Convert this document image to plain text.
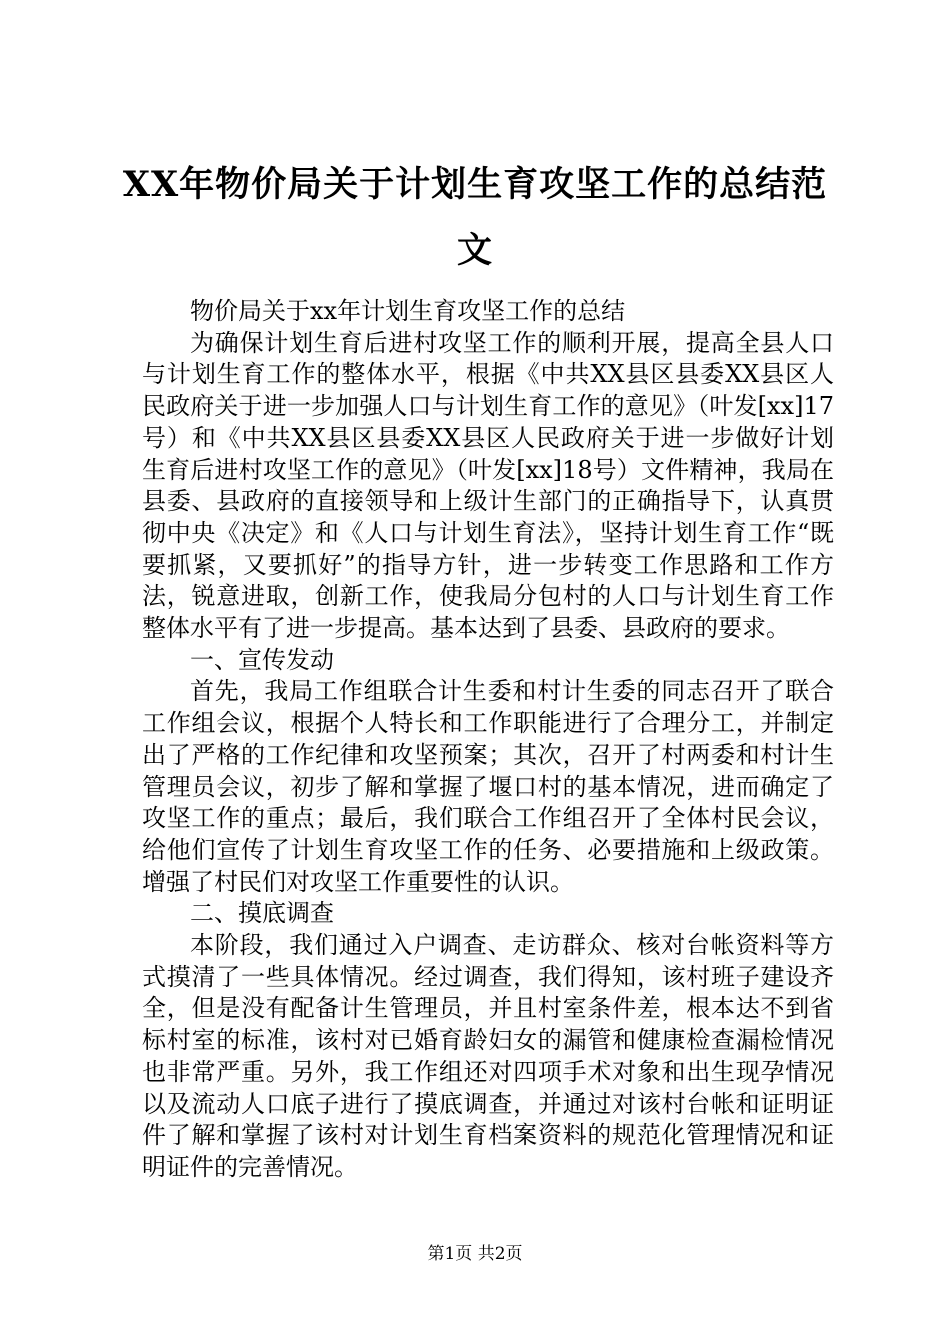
XX年物价局关于计划生育攻坚工作的总结范文

物价局关于xx年计划生育攻坚工作的总结

为确保计划生育后进村攻坚工作的顺利开展，提高全县人口与计划生育工作的整体水平，根据《中共XX县区县委XX县区人民政府关于进一步加强人口与计划生育工作的意见》（叶发[xx]17号）和《中共XX县区县委XX县区人民政府关于进一步做好计划生育后进村攻坚工作的意见》（叶发[xx]18号）文件精神，我局在县委、县政府的直接领导和上级计生部门的正确指导下，认真贯彻中央《决定》和《人口与计划生育法》，坚持计划生育工作“既要抓紧，又要抓好”的指导方针，进一步转变工作思路和工作方法，锐意进取，创新工作，使我局分包村的人口与计划生育工作整体水平有了进一步提高。基本达到了县委、县政府的要求。

一、宣传发动

首先，我局工作组联合计生委和村计生委的同志召开了联合工作组会议，根据个人特长和工作职能进行了合理分工，并制定出了严格的工作纪律和攻坚预案；其次，召开了村两委和村计生管理员会议，初步了解和掌握了堰口村的基本情况，进而确定了攻坚工作的重点；最后，我们联合工作组召开了全体村民会议，给他们宣传了计划生育攻坚工作的任务、必要措施和上级政策。增强了村民们对攻坚工作重要性的认识。

二、摸底调查

本阶段，我们通过入户调查、走访群众、核对台帐资料等方式摸清了一些具体情况。经过调查，我们得知，该村班子建设齐全，但是没有配备计生管理员，并且村室条件差，根本达不到省标村室的标准，该村对已婚育龄妇女的漏管和健康检查漏检情况也非常严重。另外，我工作组还对四项手术对象和出生现孕情况以及流动人口底子进行了摸底调查，并通过对该村台帐和证明证件了解和掌握了该村对计划生育档案资料的规范化管理情况和证明证件的完善情况。

第1页 共2页
